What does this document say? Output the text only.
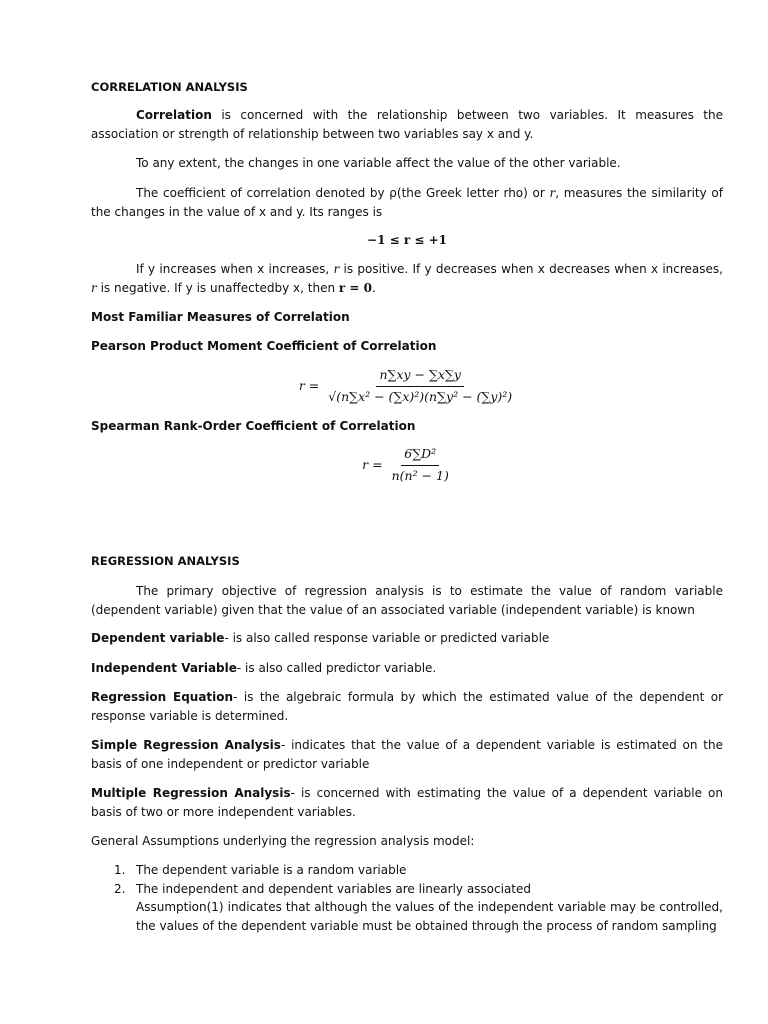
CORRELATION ANALYSIS

Correlation is concerned with the relationship between two variables. It measures the association or strength of relationship between two variables say x and y.

To any extent, the changes in one variable affect the value of the other variable.

The coefficient of correlation denoted by ρ(the Greek letter rho) or r, measures the similarity of the changes in the value of x and y. Its ranges is

−1 ≤ r ≤ +1

If y increases when x increases, r is positive. If y decreases when x decreases when x increases, r is negative. If y is unaffectedby x, then r = 0.

Most Familiar Measures of Correlation

Pearson Product Moment Coefficient of Correlation

$r = \frac{n\sum xy - \sum x\sum y}{\text{√(n∑x² − (∑x)²)(n∑y² − (∑y)²)}}$

Spearman Rank-Order Coefficient of Correlation

$r = \frac{\text{6∑D²}}{\text{n(n² − 1)}}$

REGRESSION ANALYSIS

The primary objective of regression analysis is to estimate the value of random variable (dependent variable) given that the value of an associated variable (independent variable) is known

Dependent variable- is also called response variable or predicted variable

Independent Variable- is also called predictor variable.

Regression Equation- is the algebraic formula by which the estimated value of the dependent or response variable is determined.

Simple Regression Analysis- indicates that the value of a dependent variable is estimated on the basis of one independent or predictor variable

Multiple Regression Analysis- is concerned with estimating the value of a dependent variable on basis of two or more independent variables.

General Assumptions underlying the regression analysis model:

1. The dependent variable is a random variable
2. The independent and dependent variables are linearly associated
Assumption(1) indicates that although the values of the independent variable may be controlled, the values of the dependent variable must be obtained through the process of random sampling
